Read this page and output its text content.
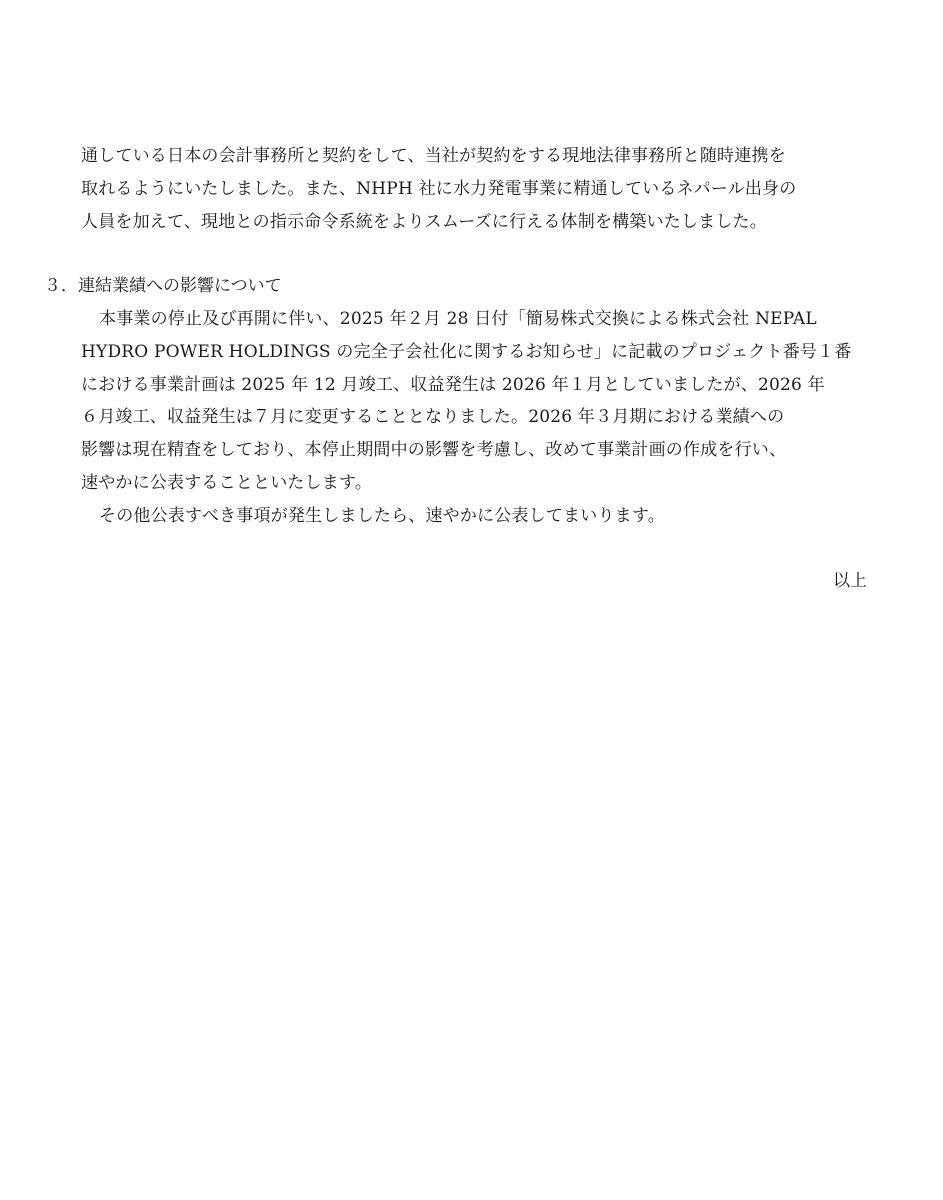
通している日本の会計事務所と契約をして、当社が契約をする現地法律事務所と随時連携を
取れるようにいたしました。また、NHPH 社に水力発電事業に精通しているネパール出身の
人員を加えて、現地との指示命令系統をよりスムーズに行える体制を構築いたしました。
３．連結業績への影響について
本事業の停止及び再開に伴い、2025 年２月 28 日付「簡易株式交換による株式会社 NEPAL
HYDRO POWER HOLDINGS の完全子会社化に関するお知らせ」に記載のプロジェクト番号１番
における事業計画は 2025 年 12 月竣工、収益発生は 2026 年１月としていましたが、2026 年
６月竣工、収益発生は７月に変更することとなりました。2026 年３月期における業績への
影響は現在精査をしており、本停止期間中の影響を考慮し、改めて事業計画の作成を行い、
速やかに公表することといたします。
その他公表すべき事項が発生しましたら、速やかに公表してまいります。
以上
